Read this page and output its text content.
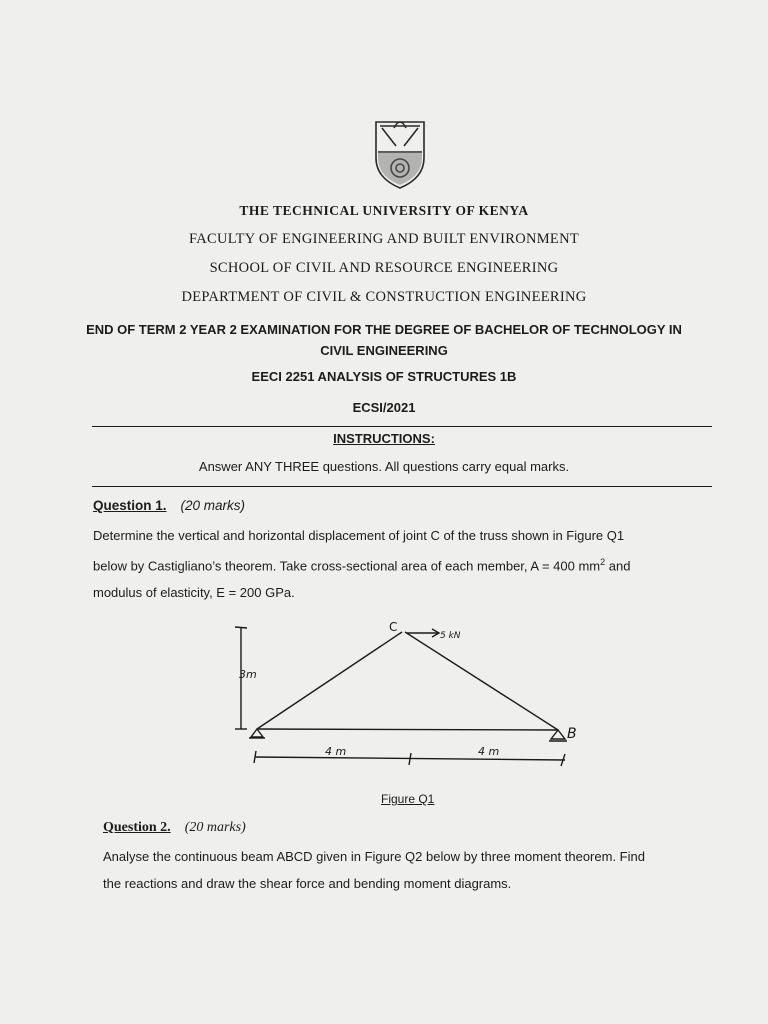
THE TECHNICAL UNIVERSITY OF KENYA
FACULTY OF ENGINEERING AND BUILT ENVIRONMENT
SCHOOL OF CIVIL AND RESOURCE ENGINEERING
DEPARTMENT OF CIVIL & CONSTRUCTION ENGINEERING
END OF TERM 2 YEAR 2 EXAMINATION FOR THE DEGREE OF BACHELOR OF TECHNOLOGY IN
CIVIL ENGINEERING
EECI 2251 ANALYSIS OF STRUCTURES 1B
ECSI/2021
INSTRUCTIONS:
Answer ANY THREE questions. All questions carry equal marks.
Question 1. (20 marks)
Determine the vertical and horizontal displacement of joint C of the truss shown in Figure Q1
below by Castigliano’s theorem. Take cross-sectional area of each member, A = 400 $mm^2$ and
modulus of elasticity, E = 200 GPa.
C
5 kN
3m
B
4 m	4 m
Figure Q1
Question 2. (20 marks)
Analyse the continuous beam ABCD given in Figure Q2 below by three moment theorem. Find
the reactions and draw the shear force and bending moment diagrams.
